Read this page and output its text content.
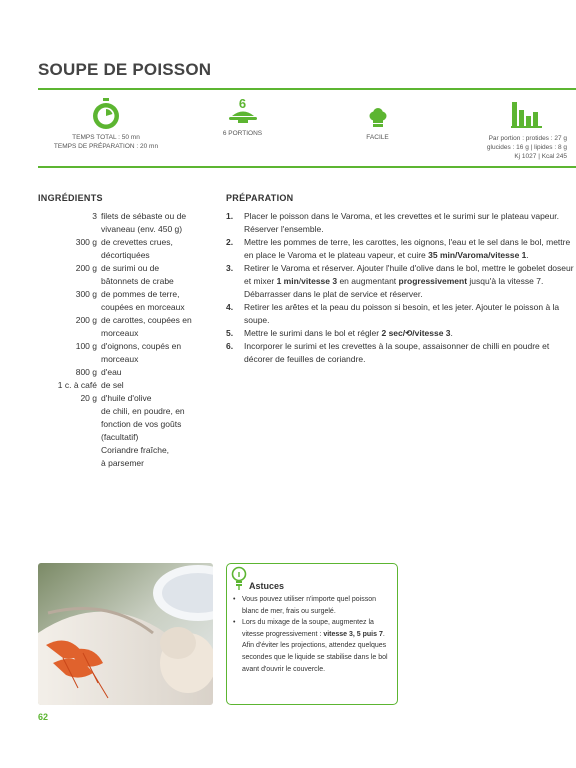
SOUPE DE POISSON
TEMPS TOTAL : 50 mn
TEMPS DE PRÉPARATION : 20 mn
6
6 PORTIONS
FACILE	Par portion : protides : 27 g
glucides : 16 g | lipides : 8 g
Kj 1027 | Kcal 245
INGRÉDIENTS
3 filets de sébaste ou de
vivaneau (env. 450 g)
300 g de crevettes crues,
décortiquées
200 g de surimi ou de
bâtonnets de crabe
300 g de pommes de terre,
coupées en morceaux
200 g de carottes, coupées en
morceaux
100 g d'oignons, coupés en
morceaux
800 g d'eau
1 c. à café de sel
20 g d'huile d'olive
de chili, en poudre, en
fonction de vos goûts
(facultatif)
Coriandre fraîche,
à parsemer
PRÉPARATION
1.	Placer le poisson dans le Varoma, et les crevettes et le surimi sur le plateau vapeur. Réserver l'ensemble.
2.	Mettre les pommes de terre, les carottes, les oignons, l'eau et le sel dans le bol, mettre en place le Varoma et le plateau vapeur, et cuire 35 min/Varoma/vitesse 1.
3.	Retirer le Varoma et réserver. Ajouter l'huile d'olive dans le bol, mettre le gobelet doseur et mixer 1 min/vitesse 3 en augmentant progressivement jusqu'à la vitesse 7. Débarrasser dans le plat de service et réserver.
4.	Retirer les arêtes et la peau du poisson si besoin, et les jeter. Ajouter le poisson à la soupe.
5.	Mettre le surimi dans le bol et régler 2 sec/⟲/vitesse 3.
6.	Incorporer le surimi et les crevettes à la soupe, assaisonner de chilli en poudre et décorer de feuilles de coriandre.
Astuces
• Vous pouvez utiliser n'importe quel poisson blanc de mer, frais ou surgelé.
• Lors du mixage de la soupe, augmentez la vitesse progressivement : vitesse 3, 5 puis 7. Afin d'éviter les projections, attendez quelques secondes que le liquide se stabilise dans le bol avant d'ouvrir le couvercle.
62
